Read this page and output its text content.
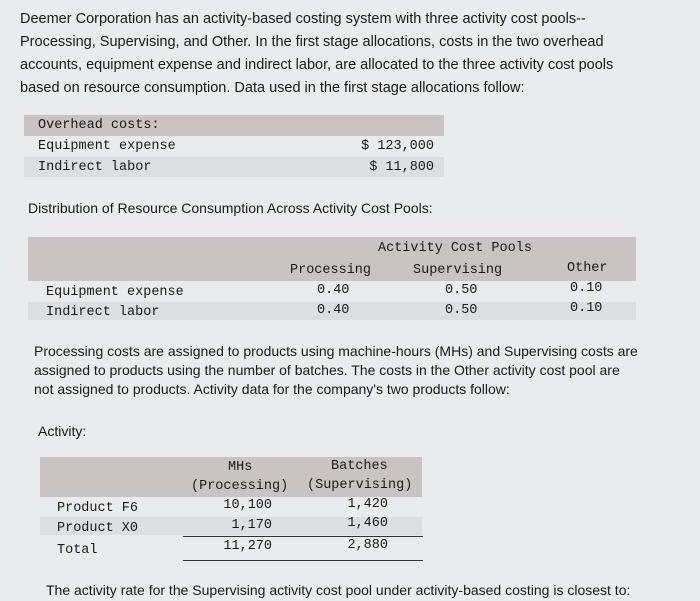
Deemer Corporation has an activity-based costing system with three activity cost pools--
Processing, Supervising, and Other. In the first stage allocations, costs in the two overhead
accounts, equipment expense and indirect labor, are allocated to the three activity cost pools
based on resource consumption. Data used in the first stage allocations follow:
Overhead costs:
Equipment expense	$ 123,000
Indirect labor	$ 11,800
Distribution of Resource Consumption Across Activity Cost Pools:
Activity Cost Pools
Processing	Supervising	Other
Equipment expense	0.40	0.50	0.10
Indirect labor	0.40	0.50	0.10
Processing costs are assigned to products using machine-hours (MHs) and Supervising costs are
assigned to products using the number of batches. The costs in the Other activity cost pool are
not assigned to products. Activity data for the company's two products follow:
Activity:
MHs
(Processing)
Batches
(Supervising)
Product F6	10,100	1,420
Product X0	1,170	1,460
Total	11,270	2,880
The activity rate for the Supervising activity cost pool under activity-based costing is closest to:
